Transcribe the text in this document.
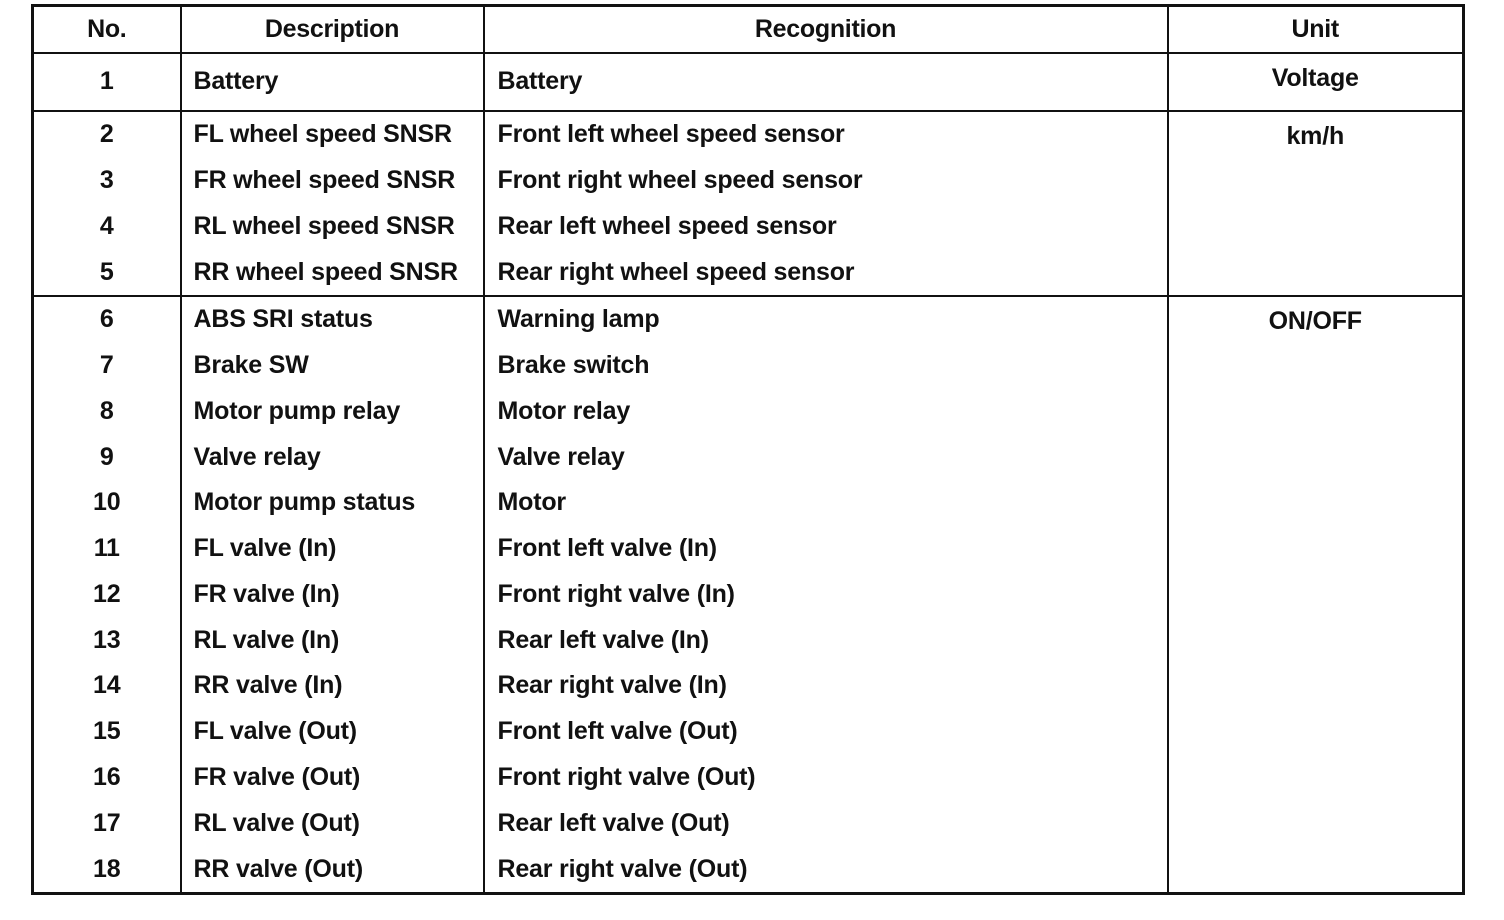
No.	Description	Recognition	Unit
1	Battery	Battery	Voltage
2	FL wheel speed SNSR	Front left wheel speed sensor	km/h
3	FR wheel speed SNSR	Front right wheel speed sensor	
4	RL wheel speed SNSR	Rear left wheel speed sensor	
5	RR wheel speed SNSR	Rear right wheel speed sensor	
6	ABS SRI status	Warning lamp	ON/OFF
7	Brake SW	Brake switch	
8	Motor pump relay	Motor relay	
9	Valve relay	Valve relay	
10	Motor pump status	Motor	
11	FL valve (In)	Front left valve (In)	
12	FR valve (In)	Front right valve (In)	
13	RL valve (In)	Rear left valve (In)	
14	RR valve (In)	Rear right valve (In)	
15	FL valve (Out)	Front left valve (Out)	
16	FR valve (Out)	Front right valve (Out)	
17	RL valve (Out)	Rear left valve (Out)	
18	RR valve (Out)	Rear right valve (Out)	
